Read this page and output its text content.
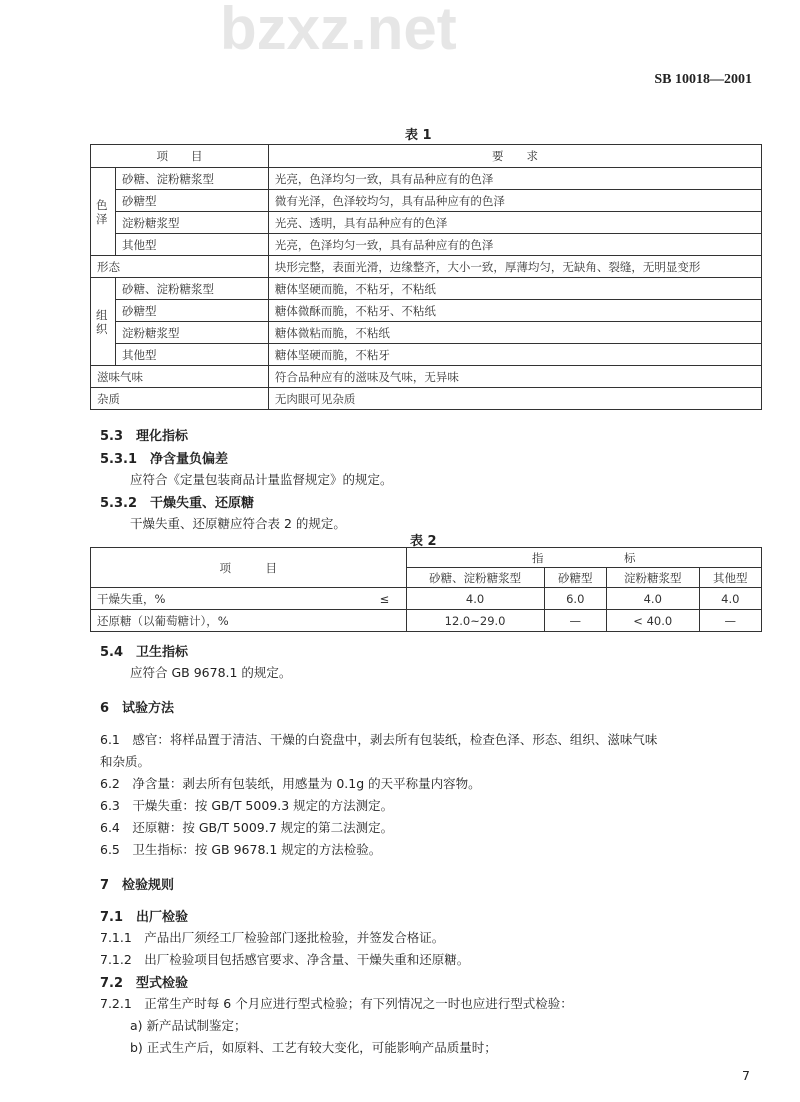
bzxz.net
SB 10018—2001
表 1
项　　目		要　　求
色泽	砂糖、淀粉糖浆型	光亮，色泽均匀一致，具有品种应有的色泽
	砂糖型	微有光泽，色泽较均匀，具有品种应有的色泽
	淀粉糖浆型	光亮、透明，具有品种应有的色泽
	其他型	光亮，色泽均匀一致，具有品种应有的色泽
形态		块形完整，表面光滑，边缘整齐，大小一致，厚薄均匀，无缺角、裂缝，无明显变形
组织	砂糖、淀粉糖浆型	糖体坚硬而脆，不粘牙，不粘纸
	砂糖型	糖体微酥而脆，不粘牙、不粘纸
	淀粉糖浆型	糖体微粘而脆，不粘纸
	其他型	糖体坚硬而脆，不粘牙
滋味气味		符合品种应有的滋味及气味，无异味
杂质		无肉眼可见杂质
5.3　理化指标
5.3.1　净含量负偏差
应符合《定量包装商品计量监督规定》的规定。
5.3.2　干燥失重、还原糖
干燥失重、还原糖应符合表 2 的规定。
表 2
项　　　目		指　　　　　　　标			
		砂糖、淀粉糖浆型	砂糖型	淀粉糖浆型	其他型
干燥失重，%	≤	4.0	6.0	4.0	4.0
还原糖（以葡萄糖计），%		12.0~29.0	—	< 40.0	—
5.4　卫生指标
应符合 GB 9678.1 的规定。
6　试验方法
6.1　感官：将样品置于清洁、干燥的白瓷盘中，剥去所有包装纸，检查色泽、形态、组织、滋味气味
和杂质。
6.2　净含量：剥去所有包装纸，用感量为 0.1g 的天平称量内容物。
6.3　干燥失重：按 GB/T 5009.3 规定的方法测定。
6.4　还原糖：按 GB/T 5009.7 规定的第二法测定。
6.5　卫生指标：按 GB 9678.1 规定的方法检验。
7　检验规则
7.1　出厂检验
7.1.1　产品出厂须经工厂检验部门逐批检验，并签发合格证。
7.1.2　出厂检验项目包括感官要求、净含量、干燥失重和还原糖。
7.2　型式检验
7.2.1　正常生产时每 6 个月应进行型式检验；有下列情况之一时也应进行型式检验：
a) 新产品试制鉴定；
b) 正式生产后，如原料、工艺有较大变化，可能影响产品质量时；
7
